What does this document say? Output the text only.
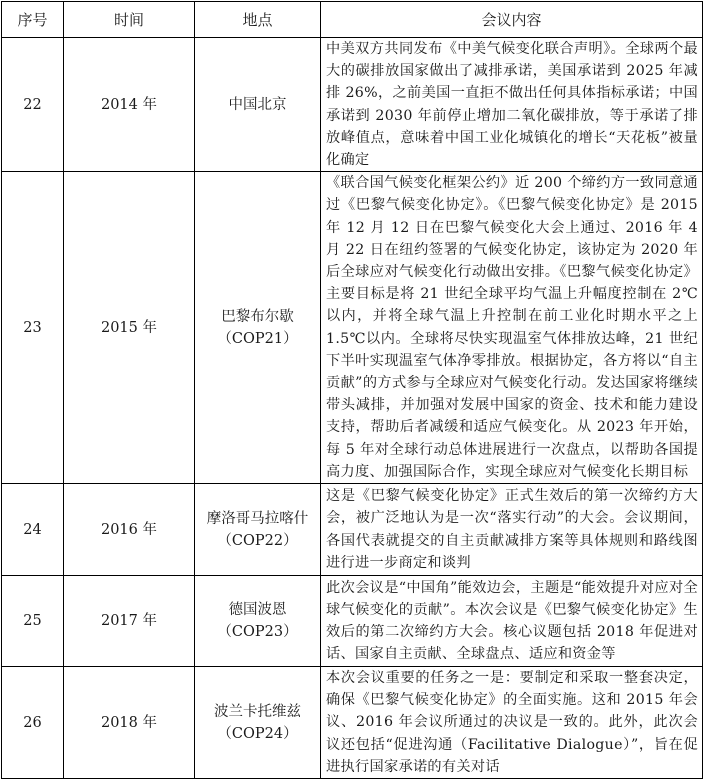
序号	时间	地点	会议内容
22	2014 年	中国北京	中美双方共同发布《中美气候变化联合声明》。全球两个最大的碳排放国家做出了减排承诺，美国承诺到 2025 年减排 26%，之前美国一直拒不做出任何具体指标承诺；中国承诺到 2030 年前停止增加二氧化碳排放，等于承诺了排放峰值点，意味着中国工业化城镇化的增长“天花板”被量化确定
23	2015 年	巴黎布尔歇（COP21）	《联合国气候变化框架公约》近 200 个缔约方一致同意通过《巴黎气候变化协定》。《巴黎气候变化协定》是 2015 年 12 月 12 日在巴黎气候变化大会上通过、2016 年 4 月 22 日在纽约签署的气候变化协定，该协定为 2020 年后全球应对气候变化行动做出安排。《巴黎气候变化协定》主要目标是将 21 世纪全球平均气温上升幅度控制在 2℃以内，并将全球气温上升控制在前工业化时期水平之上 1.5℃以内。全球将尽快实现温室气体排放达峰，21 世纪下半叶实现温室气体净零排放。根据协定，各方将以“自主贡献”的方式参与全球应对气候变化行动。发达国家将继续带头减排，并加强对发展中国家的资金、技术和能力建设支持，帮助后者减缓和适应气候变化。从 2023 年开始，每 5 年对全球行动总体进展进行一次盘点，以帮助各国提高力度、加强国际合作，实现全球应对气候变化长期目标
24	2016 年	摩洛哥马拉喀什（COP22）	这是《巴黎气候变化协定》正式生效后的第一次缔约方大会，被广泛地认为是一次“落实行动”的大会。会议期间，各国代表就提交的自主贡献减排方案等具体规则和路线图进行进一步商定和谈判
25	2017 年	德国波恩（COP23）	此次会议是“中国角”能效边会，主题是“能效提升对应对全球气候变化的贡献”。本次会议是《巴黎气候变化协定》生效后的第二次缔约方大会。核心议题包括 2018 年促进对话、国家自主贡献、全球盘点、适应和资金等
26	2018 年	波兰卡托维兹（COP24）	本次会议重要的任务之一是：要制定和采取一整套决定，确保《巴黎气候变化协定》的全面实施。这和 2015 年会议、2016 年会议所通过的决议是一致的。此外，此次会议还包括“促进沟通（Facilitative Dialogue）”，旨在促进执行国家承诺的有关对话
